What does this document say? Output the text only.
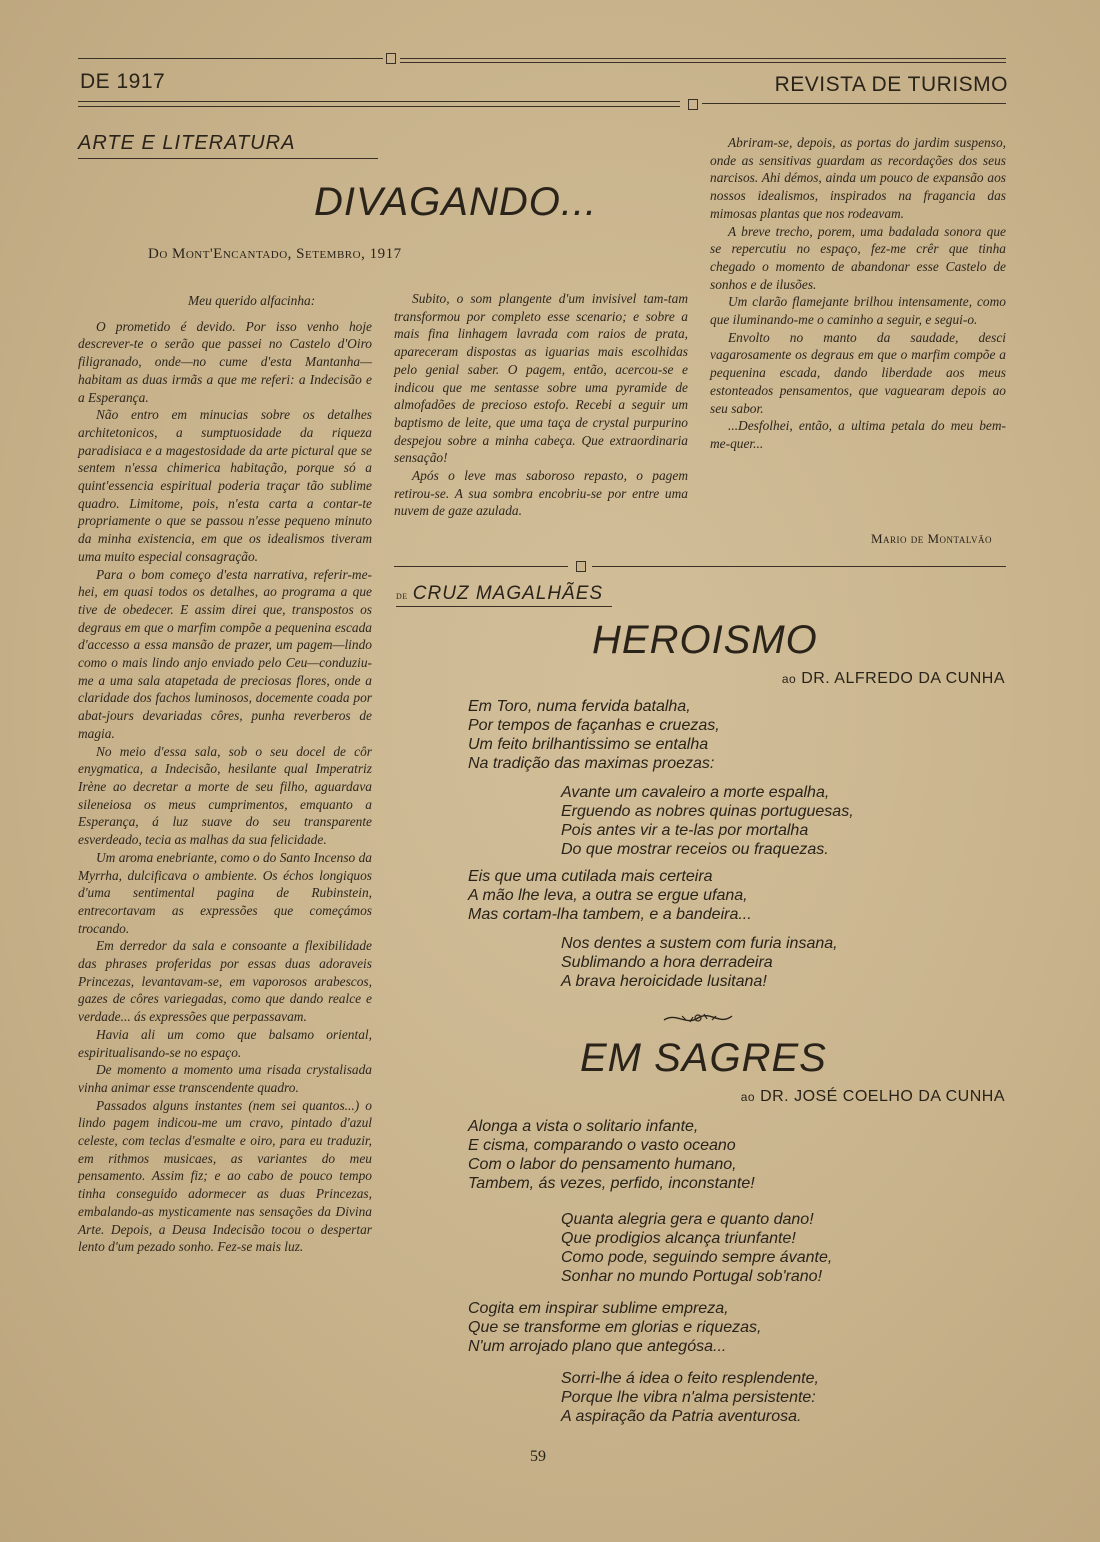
DE 1917	REVISTA DE TURISMO
ARTE E LITERATURA
DIVAGANDO...
Do Mont'Encantado, Setembro, 1917

Meu querido alfacinha:

O prometido é devido. Por isso venho hoje descrever-te o serão que passei no Castelo d'Oiro filigranado, onde—no cume d'esta Mantanha—habitam as duas irmãs a que me referi: a Indecisão e a Esperança.

Não entro em minucias sobre os detalhes architetonicos, a sumptuosidade da riqueza paradisiaca e a magestosidade da arte pictural que se sentem n'essa chimerica habitação, porque só a quint'essencia espiritual poderia traçar tão sublime quadro. Limitome, pois, n'esta carta a contar-te propriamente o que se passou n'esse pequeno minuto da minha existencia, em que os idealismos tiveram uma muito especial consagração.

Para o bom começo d'esta narrativa, referir-me-hei, em quasi todos os detalhes, ao programa a que tive de obedecer. E assim direi que, transpostos os degraus em que o marfim compõe a pequenina escada d'accesso a essa mansão de prazer, um pagem—lindo como o mais lindo anjo enviado pelo Ceu—conduziu-me a uma sala atapetada de preciosas flores, onde a claridade dos fachos luminosos, docemente coada por abat-jours devariadas côres, punha reverberos de magia.

No meio d'essa sala, sob o seu docel de côr enygmatica, a Indecisão, hesilante qual Imperatriz Irène ao decretar a morte de seu filho, aguardava sileneiosa os meus cumprimentos, emquanto a Esperança, á luz suave do seu transparente esverdeado, tecia as malhas da sua felicidade.

Um aroma enebriante, como o do Santo Incenso da Myrrha, dulcificava o ambiente. Os échos longiquos d'uma sentimental pagina de Rubinstein, entrecortavam as expressões que começámos trocando.

Em derredor da sala e consoante a flexibilidade das phrases proferidas por essas duas adoraveis Princezas, levantavam-se, em vaporosos arabescos, gazes de côres variegadas, como que dando realce e verdade... ás expressões que perpassavam.

Havia ali um como que balsamo oriental, espiritualisando-se no espaço.

De momento a momento uma risada crystalisada vinha animar esse transcendente quadro.

Passados alguns instantes (nem sei quantos...) o lindo pagem indicou-me um cravo, pintado d'azul celeste, com teclas d'esmalte e oiro, para eu traduzir, em rithmos musicaes, as variantes do meu pensamento. Assim fiz; e ao cabo de pouco tempo tinha conseguido adormecer as duas Princezas, embalando-as mysticamente nas sensações da Divina Arte. Depois, a Deusa Indecisão tocou o despertar lento d'um pezado sonho. Fez-se mais luz.

Subito, o som plangente d'um invisivel tam-tam transformou por completo esse scenario; e sobre a mais fina linhagem lavrada com raios de prata, apareceram dispostas as iguarias mais escolhidas pelo genial saber. O pagem, então, acercou-se e indicou que me sentasse sobre uma pyramide de almofadões de precioso estofo. Recebi a seguir um baptismo de leite, que uma taça de crystal purpurino despejou sobre a minha cabeça. Que extraordinaria sensação!

Após o leve mas saboroso repasto, o pagem retirou-se. A sua sombra encobriu-se por entre uma nuvem de gaze azulada.

Abriram-se, depois, as portas do jardim suspenso, onde as sensitivas guardam as recordações dos seus narcisos. Ahi démos, ainda um pouco de expansão aos nossos idealismos, inspirados na fragancia das mimosas plantas que nos rodeavam.

A breve trecho, porem, uma badalada sonora que se repercutiu no espaço, fez-me crêr que tinha chegado o momento de abandonar esse Castelo de sonhos e de ilusões.

Um clarão flamejante brilhou intensamente, como que iluminando-me o caminho a seguir, e segui-o.

Envolto no manto da saudade, desci vagarosamente os degraus em que o marfim compõe a pequenina escada, dando liberdade aos meus estonteados pensamentos, que vaguearam depois ao seu sabor.

...Desfolhei, então, a ultima petala do meu bem-me-quer...

Mario de Montalvão
de CRUZ MAGALHÃES
HEROISMO
ao DR. ALFREDO DA CUNHA
Em Toro, numa fervida batalha,
Por tempos de façanhas e cruezas,
Um feito brilhantissimo se entalha
Na tradição das maximas proezas:
Avante um cavaleiro a morte espalha,
Erguendo as nobres quinas portuguesas,
Pois antes vir a te-las por mortalha
Do que mostrar receios ou fraquezas.
Eis que uma cutilada mais certeira
A mão lhe leva, a outra se ergue ufana,
Mas cortam-lha tambem, e a bandeira...
Nos dentes a sustem com furia insana,
Sublimando a hora derradeira
A brava heroicidade lusitana!
EM SAGRES
ao DR. JOSÉ COELHO DA CUNHA
Alonga a vista o solitario infante,
E cisma, comparando o vasto oceano
Com o labor do pensamento humano,
Tambem, ás vezes, perfido, inconstante!
Quanta alegria gera e quanto dano!
Que prodigios alcança triunfante!
Como pode, seguindo sempre ávante,
Sonhar no mundo Portugal sob'rano!
Cogita em inspirar sublime empreza,
Que se transforme em glorias e riquezas,
N'um arrojado plano que antegósa...
Sorri-lhe á idea o feito resplendente,
Porque lhe vibra n'alma persistente:
A aspiração da Patria aventurosa.
59
